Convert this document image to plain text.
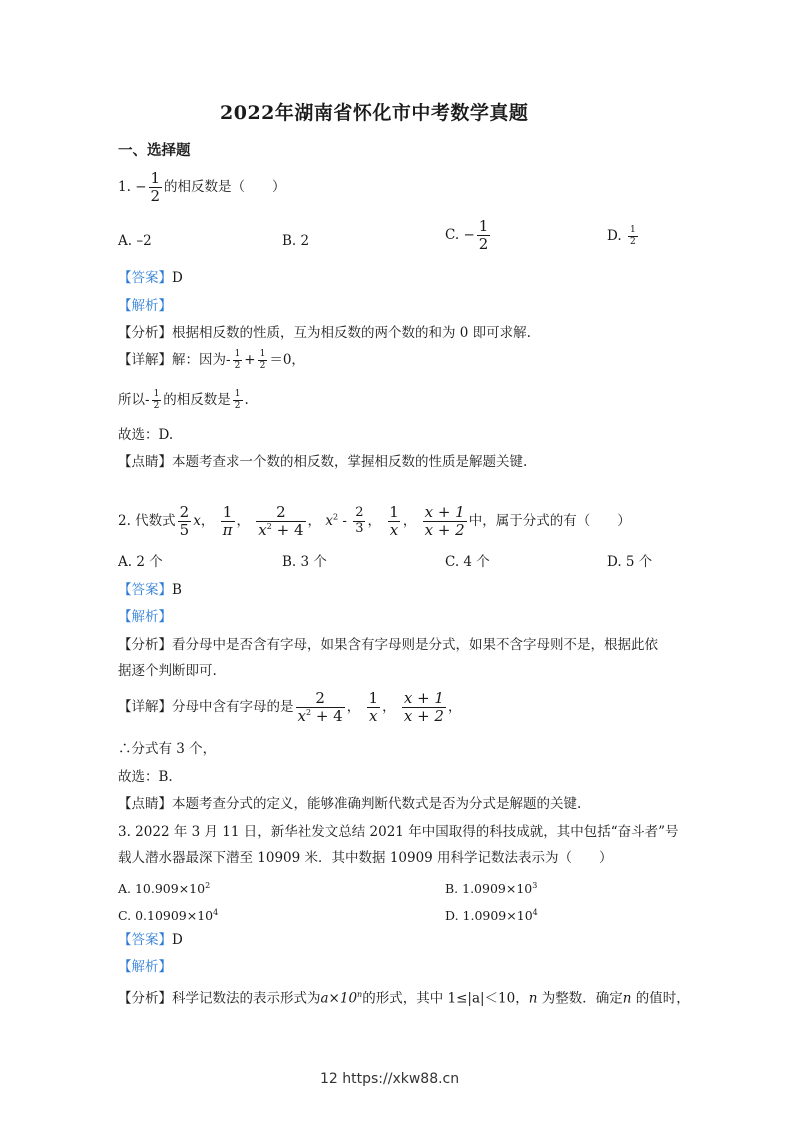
2022年湖南省怀化市中考数学真题
一、选择题
1. − $\frac{1}{2}$ 的相反数是（　　）
A. –2	B. 2	C. − $\frac{1}{2}$	D. $\frac{1}{2}$
【答案】D
【解析】
【分析】根据相反数的性质，互为相反数的两个数的和为 0 即可求解.
【详解】解：因为- $\frac{1}{2} + \frac{1}{2} =0$，
所以- $\frac{1}{2}$ 的相反数是 $\frac{1}{2}$ .
故选：D.
【点睛】本题考查求一个数的相反数，掌握相反数的性质是解题关键.
2. 代数式 $\frac{2}{5}$ x， $\frac{1}{\pi}$ ， $\frac{2}{x^2 + 4}$ ， $x^2 - \frac{2}{3}$ ， $\frac{1}{x}$ ， $\frac{x + 1}{x + 2}$ 中，属于分式的有（　　）
A. 2 个	B. 3 个	C. 4 个	D. 5 个
【答案】B
【解析】
【分析】看分母中是否含有字母，如果含有字母则是分式，如果不含字母则不是，根据此依
据逐个判断即可.
【详解】分母中含有字母的是 $\frac{2}{x^2 + 4}$ ， $\frac{1}{x}$ ， $\frac{x + 1}{x + 2}$ ，
∴分式有 3 个，
故选：B.
【点睛】本题考查分式的定义，能够准确判断代数式是否为分式是解题的关键.
3. 2022 年 3 月 11 日，新华社发文总结 2021 年中国取得的科技成就，其中包括“奋斗者”号
载人潜水器最深下潜至 10909 米．其中数据 10909 用科学记数法表示为（　　）
A. $10.909\times 10^2$	B. $1.0909\times 10^3$
C. $0.10909\times 10^4$	D. $1.0909\times 10^4$
【答案】D
【解析】
【分析】科学记数法的表示形式为$a\times 10^n$的形式，其中 1≤|a|＜10，n 为整数．确定n 的值时，
12 https://xkw88.cn
